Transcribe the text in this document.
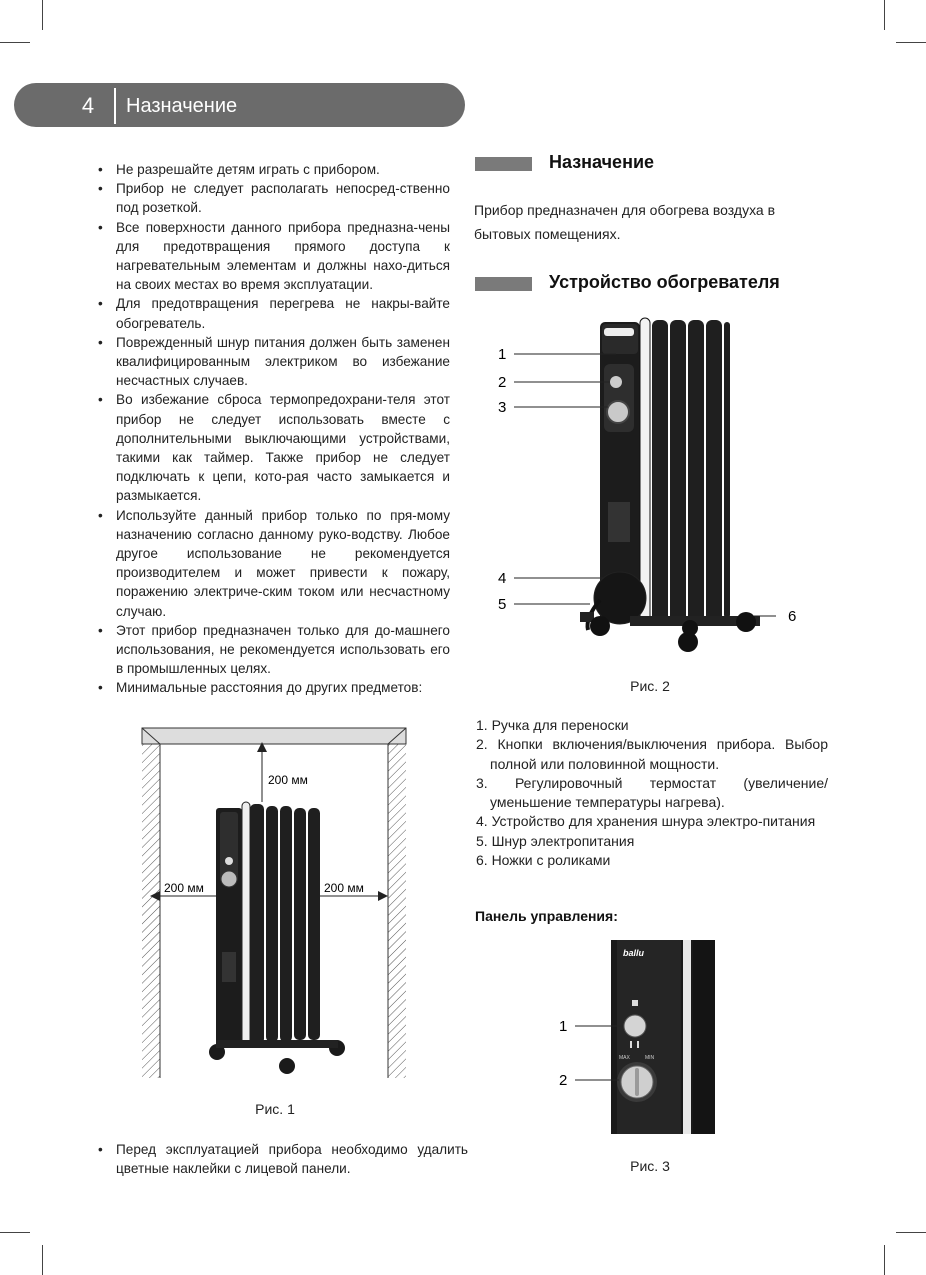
4	Назначение
• Не разрешайте детям играть с прибором.
• Прибор не следует располагать непосред-ственно под розеткой.
• Все поверхности данного прибора предназна-чены для предотвращения прямого доступа к нагревательным элементам и должны нахо-диться на своих местах во время эксплуатации.
• Для предотвращения перегрева не накры-вайте обогреватель.
• Поврежденный шнур питания должен быть заменен квалифицированным электриком во избежание несчастных случаев.
• Во избежание сброса термопредохрани-теля этот прибор не следует использовать вместе с дополнительными выключающими устройствами, такими как таймер. Также прибор не следует подключать к цепи, кото-рая часто замыкается и размыкается.
• Используйте данный прибор только по пря-мому назначению согласно данному руко-водству. Любое другое использование не рекомендуется производителем и может привести к пожару, поражению электриче-ским током или несчастному случаю.
• Этот прибор предназначен только для до-машнего использования, не рекомендуется использовать его в промышленных целях.
• Минимальные расстояния до других предметов:
200 мм
200 мм	200 мм
Рис. 1
• Перед эксплуатацией прибора необходимо удалить цветные наклейки с лицевой панели.
Назначение
Прибор предназначен для обогрева воздуха в бытовых помещениях.
Устройство обогревателя
1
2
3
4
5
6
Рис. 2
1. Ручка для переноски
2. Кнопки включения/выключения прибора. Выбор полной или половинной мощности.
3. Регулировочный термостат (увеличение/ уменьшение температуры нагрева).
4. Устройство для хранения шнура электро-питания
5. Шнур электропитания
6. Ножки с роликами
Панель управления:
ballu
MAX	MIN
1
2
Рис. 3
